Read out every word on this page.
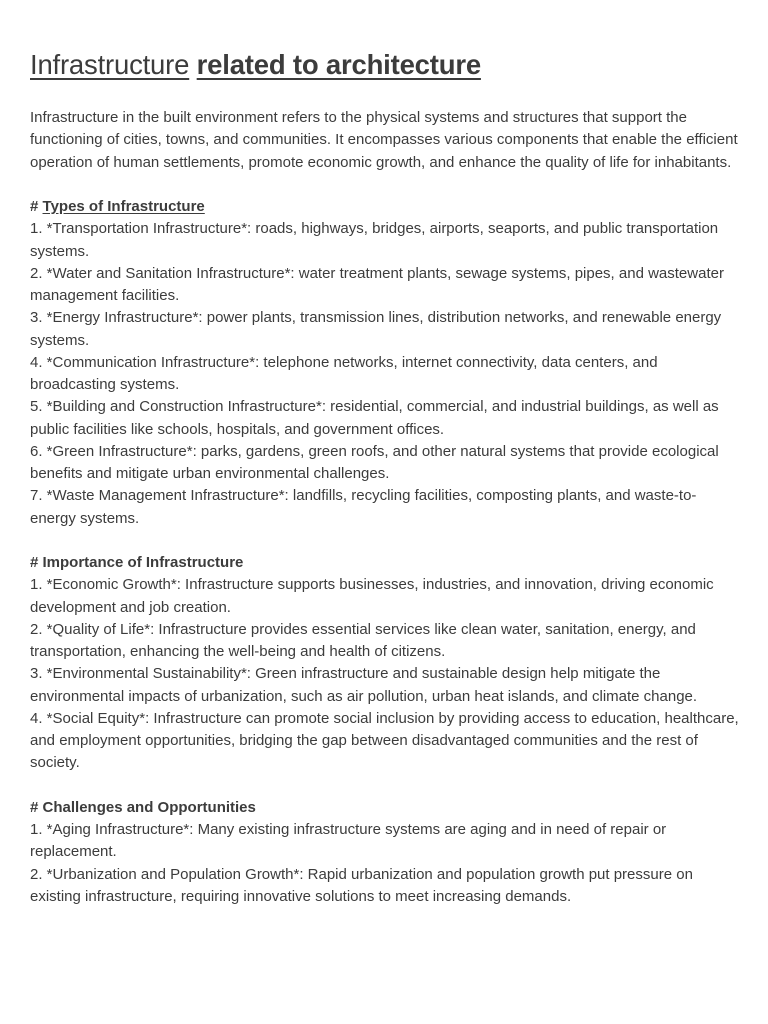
Infrastructure related to architecture

Infrastructure in the built environment refers to the physical systems and structures that support the functioning of cities, towns, and communities. It encompasses various components that enable the efficient operation of human settlements, promote economic growth, and enhance the quality of life for inhabitants.

# Types of Infrastructure

1. *Transportation Infrastructure*: roads, highways, bridges, airports, seaports, and public transportation systems.

2. *Water and Sanitation Infrastructure*: water treatment plants, sewage systems, pipes, and wastewater management facilities.

3. *Energy Infrastructure*: power plants, transmission lines, distribution networks, and renewable energy systems.

4. *Communication Infrastructure*: telephone networks, internet connectivity, data centers, and broadcasting systems.

5. *Building and Construction Infrastructure*: residential, commercial, and industrial buildings, as well as public facilities like schools, hospitals, and government offices.

6. *Green Infrastructure*: parks, gardens, green roofs, and other natural systems that provide ecological benefits and mitigate urban environmental challenges.

7. *Waste Management Infrastructure*: landfills, recycling facilities, composting plants, and waste-to-energy systems.

# Importance of Infrastructure

1. *Economic Growth*: Infrastructure supports businesses, industries, and innovation, driving economic development and job creation.

2. *Quality of Life*: Infrastructure provides essential services like clean water, sanitation, energy, and transportation, enhancing the well-being and health of citizens.

3. *Environmental Sustainability*: Green infrastructure and sustainable design help mitigate the environmental impacts of urbanization, such as air pollution, urban heat islands, and climate change.

4. *Social Equity*: Infrastructure can promote social inclusion by providing access to education, healthcare, and employment opportunities, bridging the gap between disadvantaged communities and the rest of society.

# Challenges and Opportunities

1. *Aging Infrastructure*: Many existing infrastructure systems are aging and in need of repair or replacement.

2. *Urbanization and Population Growth*: Rapid urbanization and population growth put pressure on existing infrastructure, requiring innovative solutions to meet increasing demands.
